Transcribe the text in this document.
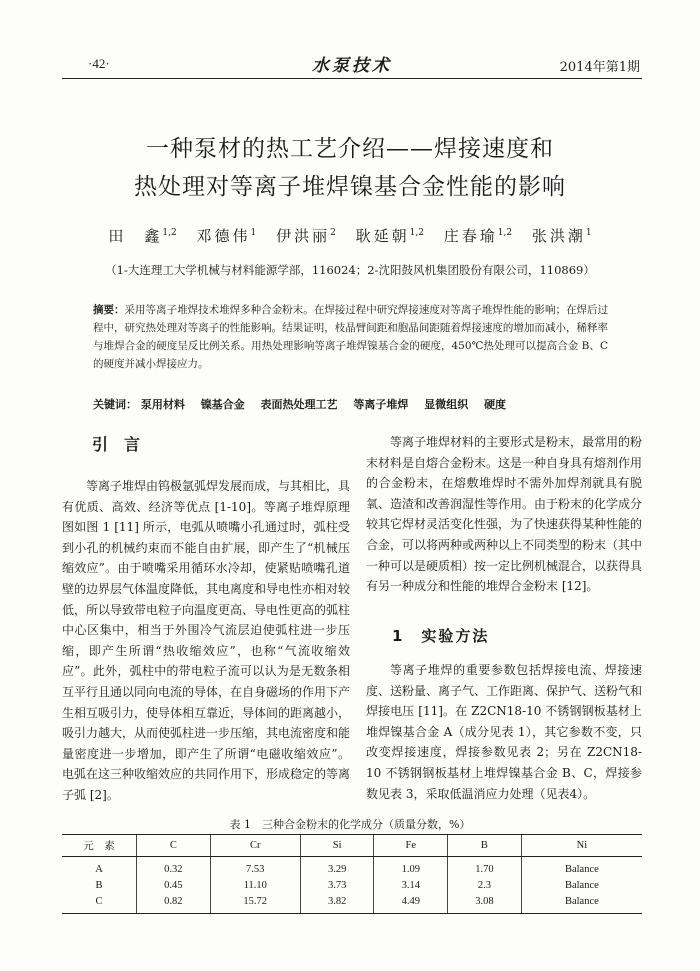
·42·	水泵技术	2014年第1期
一种泵材的热工艺介绍——焊接速度和
热处理对等离子堆焊镍基合金性能的影响
田　鑫$^{1,2}$ 邓德伟$^1$ 伊洪丽$^2$ 耿延朝$^{1,2}$ 庄春瑜$^{1,2}$ 张洪潮$^1$
（1-大连理工大学机械与材料能源学部，116024；2-沈阳鼓风机集团股份有限公司，110869）
摘要：采用等离子堆焊技术堆焊多种合金粉末。在焊接过程中研究焊接速度对等离子堆焊性能的影响；在焊后过程中，研究热处理对等离子的性能影响。结果证明，枝晶臂间距和胞晶间距随着焊接速度的增加而减小，稀释率与堆焊合金的硬度呈反比例关系。用热处理影响等离子堆焊镍基合金的硬度，450℃热处理可以提高合金 B、C 的硬度并减小焊接应力。
关键词： 泵用材料 镍基合金 表面热处理工艺 等离子堆焊 显微组织 硬度
引言

等离子堆焊由钨极氩弧焊发展而成，与其相比，具有优质、高效、经济等优点 [1-10]。等离子堆焊原理图如图 1 [11] 所示，电弧从喷嘴小孔通过时，弧柱受到小孔的机械约束而不能自由扩展，即产生了“机械压缩效应”。由于喷嘴采用循环水冷却，使紧贴喷嘴孔道壁的边界层气体温度降低，其电离度和导电性亦相对较低，所以导致带电粒子向温度更高、导电性更高的弧柱中心区集中，相当于外围冷气流层迫使弧柱进一步压缩，即产生所谓“热收缩效应”，也称“气流收缩效应”。此外，弧柱中的带电粒子流可以认为是无数条相互平行且通以同向电流的导体，在自身磁场的作用下产生相互吸引力，使导体相互靠近，导体间的距离越小，吸引力越大，从而使弧柱进一步压缩，其电流密度和能量密度进一步增加，即产生了所谓“电磁收缩效应”。电弧在这三种收缩效应的共同作用下，形成稳定的等离子弧 [2]。

等离子堆焊材料的主要形式是粉末，最常用的粉末材料是自熔合金粉末。这是一种自身具有熔剂作用的合金粉末，在熔敷堆焊时不需外加焊剂就具有脱氧、造渣和改善润湿性等作用。由于粉末的化学成分较其它焊材灵活变化性强，为了快速获得某种性能的合金，可以将两种或两种以上不同类型的粉末（其中一种可以是硬质相）按一定比例机械混合，以获得具有另一种成分和性能的堆焊合金粉末 [12]。

1　实验方法

等离子堆焊的重要参数包括焊接电流、焊接速度、送粉量、离子气、工作距离、保护气、送粉气和焊接电压 [11]。在 Z2CN18-10 不锈钢钢板基材上堆焊镍基合金 A（成分见表 1），其它参数不变，只改变焊接速度，焊接参数见表 2；另在 Z2CN18-10 不锈钢钢板基材上堆焊镍基合金 B、C，焊接参数见表 3，采取低温消应力处理（见表4）。

表 1　三种合金粉末的化学成分（质量分数，%）
元　素	C	Cr	Si	Fe	B	Ni
A	0.32	7.53	3.29	1.09	1.70	Balance
B	0.45	11.10	3.73	3.14	2.3	Balance
C	0.82	15.72	3.82	4.49	3.08	Balance
